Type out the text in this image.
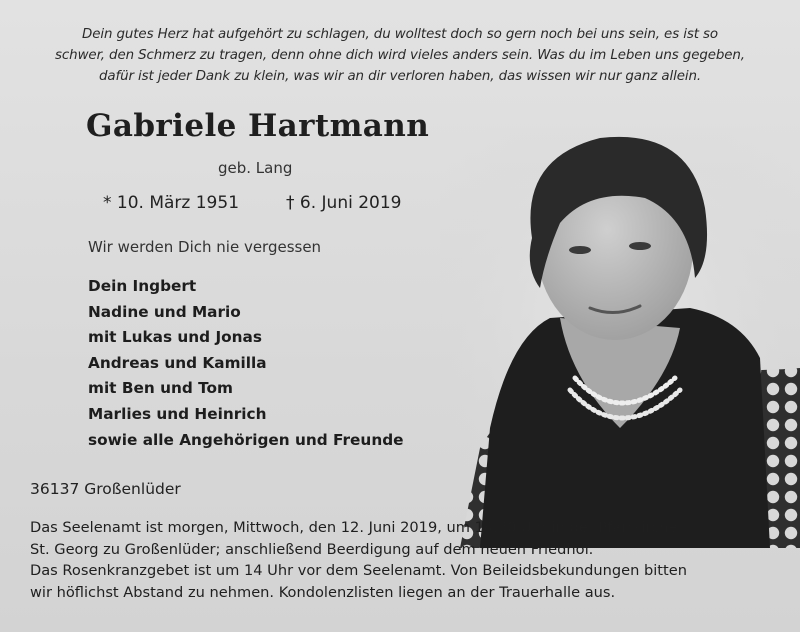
Dein gutes Herz hat aufgehört zu schlagen, du wolltest doch so gern noch bei uns sein, es ist so
schwer, den Schmerz zu tragen, denn ohne dich wird vieles anders sein. Was du im Leben uns gegeben,
dafür ist jeder Dank zu klein, was wir an dir verloren haben, das wissen wir nur ganz allein.
Gabriele Hartmann
geb. Lang
* 10. März 1951	† 6. Juni 2019
Wir werden Dich nie vergessen
Dein Ingbert
Nadine und Mario
mit Lukas und Jonas
Andreas und Kamilla
mit Ben und Tom
Marlies und Heinrich
sowie alle Angehörigen und Freunde
36137 Großenlüder
Das Seelenamt ist morgen, Mittwoch, den 12. Juni 2019, um 14.30 Uhr in der Pfarrkirche
St. Georg zu Großenlüder; anschließend Beerdigung auf dem neuen Friedhof.
Das Rosenkranzgebet ist um 14 Uhr vor dem Seelenamt. Von Beileidsbekundungen bitten
wir höflichst Abstand zu nehmen. Kondolenzlisten liegen an der Trauerhalle aus.
